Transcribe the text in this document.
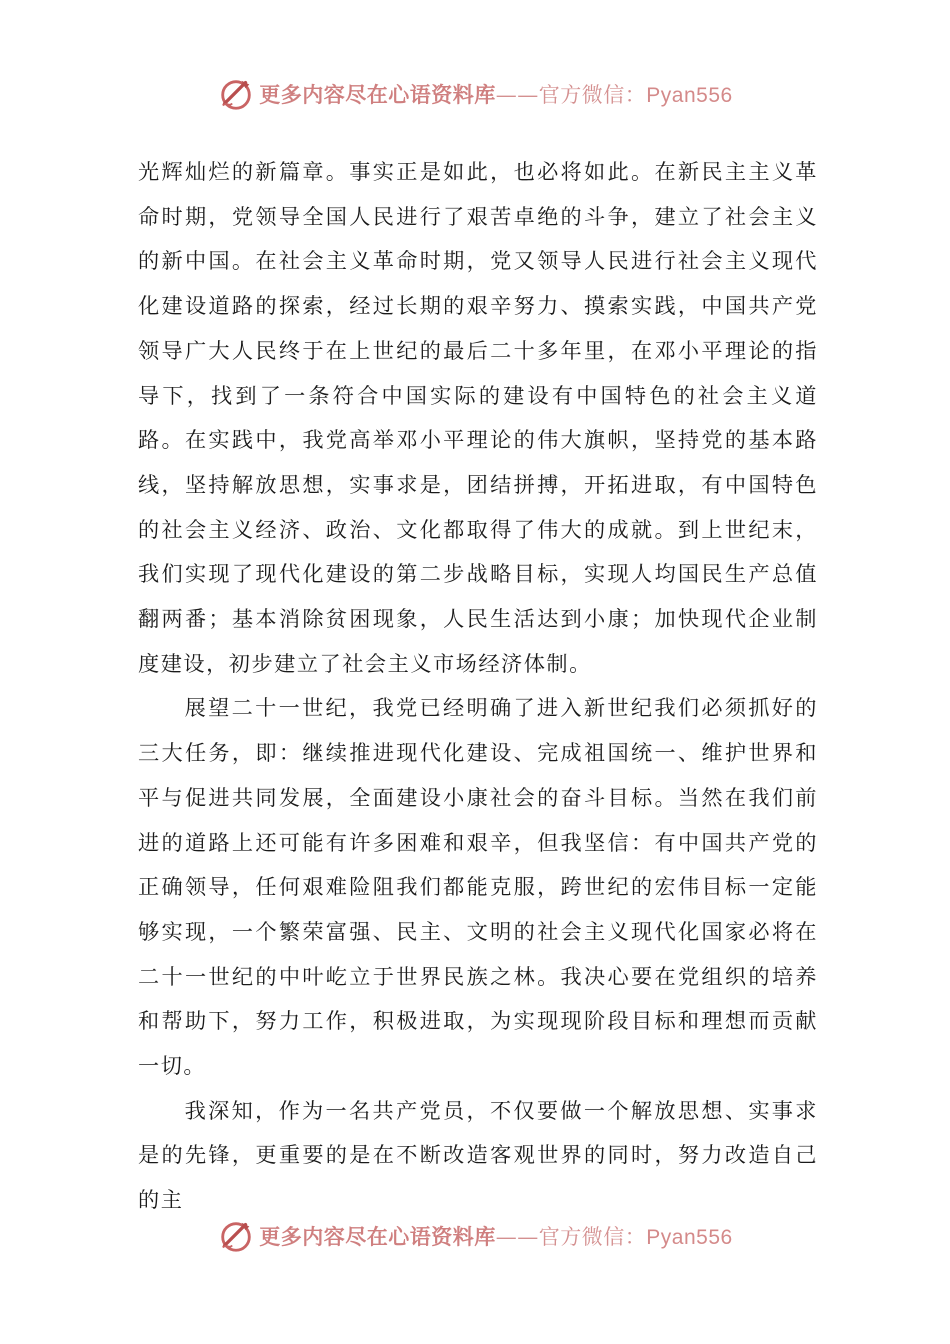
更多内容尽在心语资料库——官方微信：Pyan556

光辉灿烂的新篇章。事实正是如此，也必将如此。在新民主主义革命时期，党领导全国人民进行了艰苦卓绝的斗争，建立了社会主义的新中国。在社会主义革命时期，党又领导人民进行社会主义现代化建设道路的探索，经过长期的艰辛努力、摸索实践，中国共产党领导广大人民终于在上世纪的最后二十多年里，在邓小平理论的指导下，找到了一条符合中国实际的建设有中国特色的社会主义道路。在实践中，我党高举邓小平理论的伟大旗帜，坚持党的基本路线，坚持解放思想，实事求是，团结拼搏，开拓进取，有中国特色的社会主义经济、政治、文化都取得了伟大的成就。到上世纪末，我们实现了现代化建设的第二步战略目标，实现人均国民生产总值翻两番；基本消除贫困现象，人民生活达到小康；加快现代企业制度建设，初步建立了社会主义市场经济体制。

展望二十一世纪，我党已经明确了进入新世纪我们必须抓好的三大任务，即：继续推进现代化建设、完成祖国统一、维护世界和平与促进共同发展，全面建设小康社会的奋斗目标。当然在我们前进的道路上还可能有许多困难和艰辛，但我坚信：有中国共产党的正确领导，任何艰难险阻我们都能克服，跨世纪的宏伟目标一定能够实现，一个繁荣富强、民主、文明的社会主义现代化国家必将在二十一世纪的中叶屹立于世界民族之林。我决心要在党组织的培养和帮助下，努力工作，积极进取，为实现现阶段目标和理想而贡献一切。

我深知，作为一名共产党员，不仅要做一个解放思想、实事求是的先锋，更重要的是在不断改造客观世界的同时，努力改造自己的主

更多内容尽在心语资料库——官方微信：Pyan556
